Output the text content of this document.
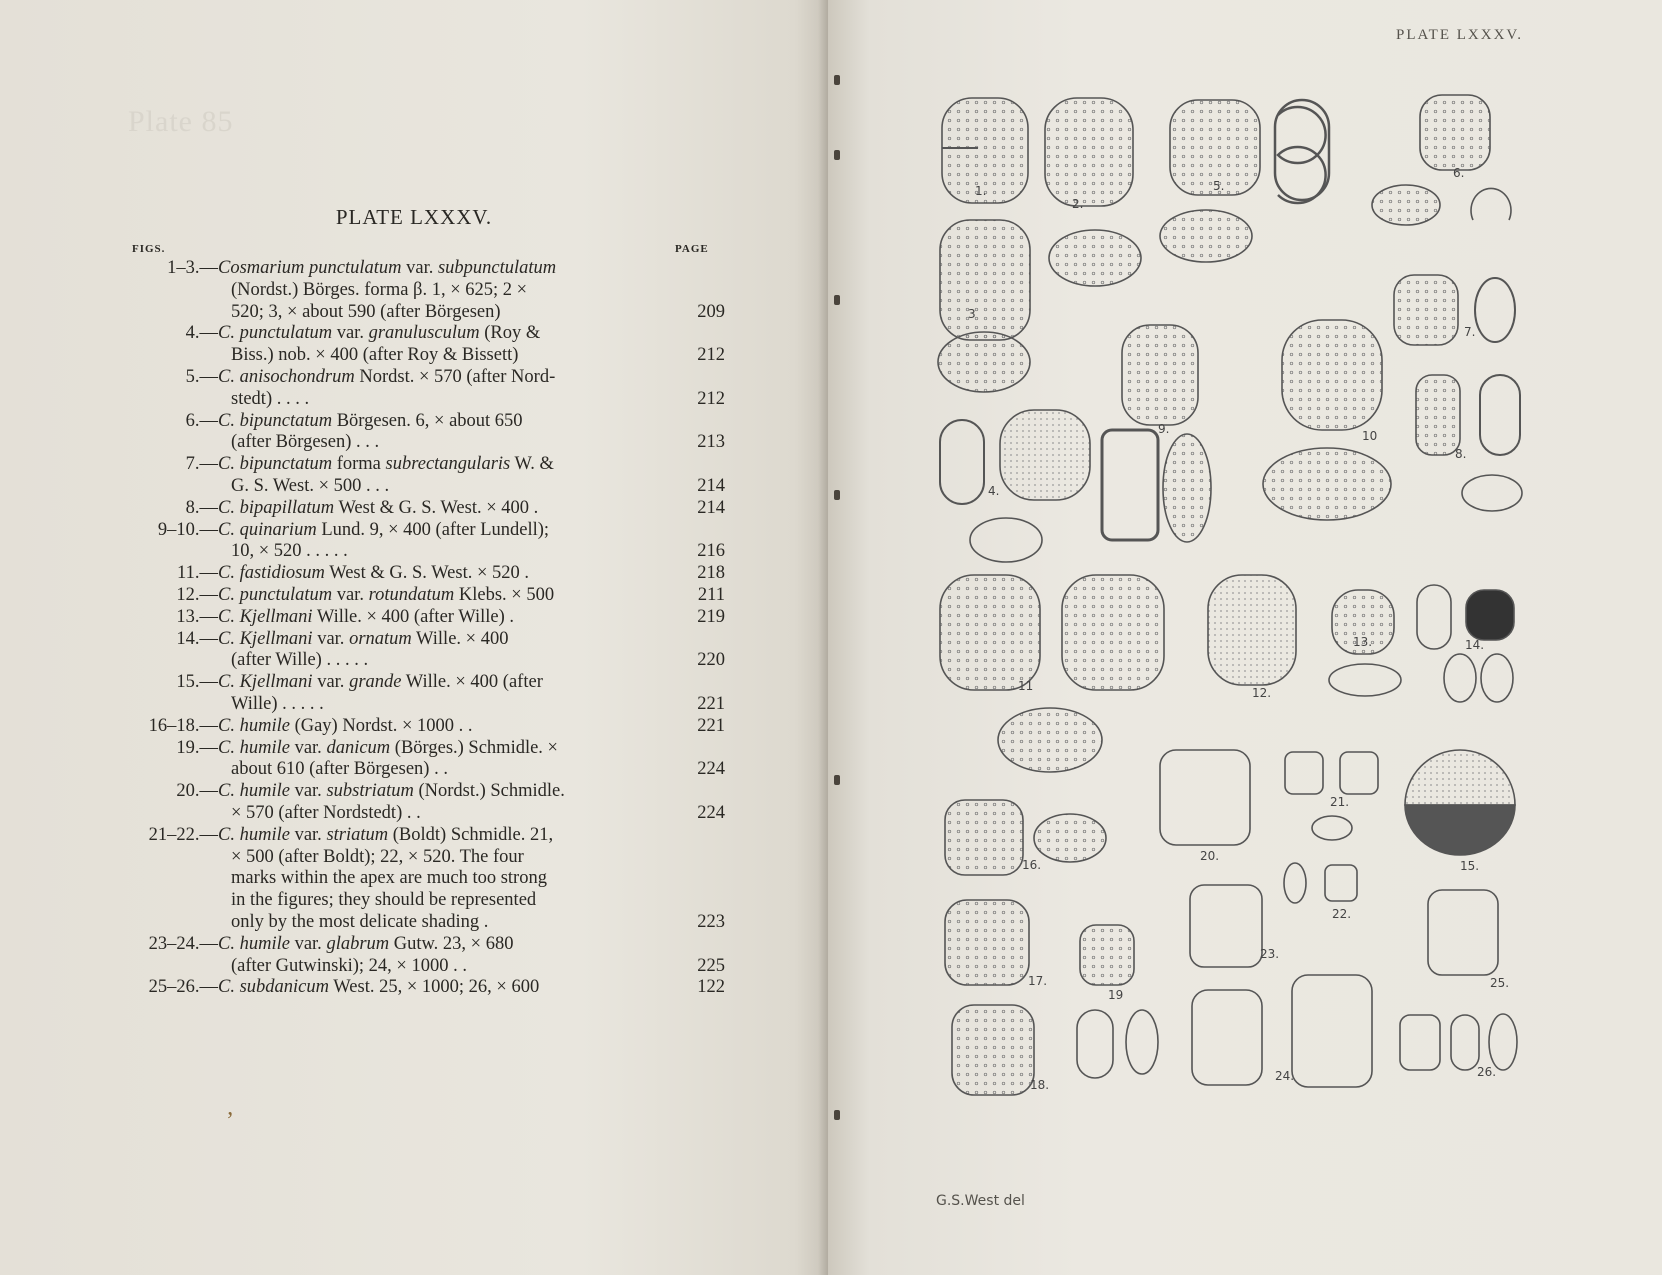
Plate 85
PLATE LXXXV.
FIGS.	PAGE
1–3.— Cosmarium punctulatum var. subpunctulatum
(Nordst.) Börges. forma β. 1, × 625; 2 ×
520; 3, × about 590 (after Börgesen)	209
4.— C. punctulatum var. granulusculum (Roy &
Biss.) nob. × 400 (after Roy & Bissett)	212
5.— C. anisochondrum Nordst. × 570 (after Nord-
stedt) . . . .	212
6.— C. bipunctatum Börgesen. 6, × about 650
(after Börgesen) . . .	213
7.— C. bipunctatum forma subrectangularis W. &
G. S. West. × 500 . . .	214
8.— C. bipapillatum West & G. S. West. × 400 .	214
9–10.— C. quinarium Lund. 9, × 400 (after Lundell);
10, × 520 . . . . .	216
11.— C. fastidiosum West & G. S. West. × 520 .	218
12.— C. punctulatum var. rotundatum Klebs. × 500	211
13.— C. Kjellmani Wille. × 400 (after Wille) .	219
14.— C. Kjellmani var. ornatum Wille. × 400
(after Wille) . . . . .	220
15.— C. Kjellmani var. grande Wille. × 400 (after
Wille) . . . . .	221
16–18.— C. humile (Gay) Nordst. × 1000 . .	221
19.— C. humile var. danicum (Börges.) Schmidle. ×
about 610 (after Börgesen) . .	224
20.— C. humile var. substriatum (Nordst.) Schmidle.
× 570 (after Nordstedt) . .	224
21–22.— C. humile var. striatum (Boldt) Schmidle. 21,
× 500 (after Boldt); 22, × 520. The four
marks within the apex are much too strong
in the figures; they should be represented
only by the most delicate shading .	223
23–24.— C. humile var. glabrum Gutw. 23, × 680
(after Gutwinski); 24, × 1000 . .	225
25–26.— C. subdanicum West. 25, × 1000; 26, × 600	122
ʼ
PLATE LXXXV.
1.
2.
3
4.
5.
6.
7.
8.
9.	10
11	12.
13.	14.
15.
16.
17.
18.
19
20.
21.
22.
23.
24.
25.
26.
G.S.West del
